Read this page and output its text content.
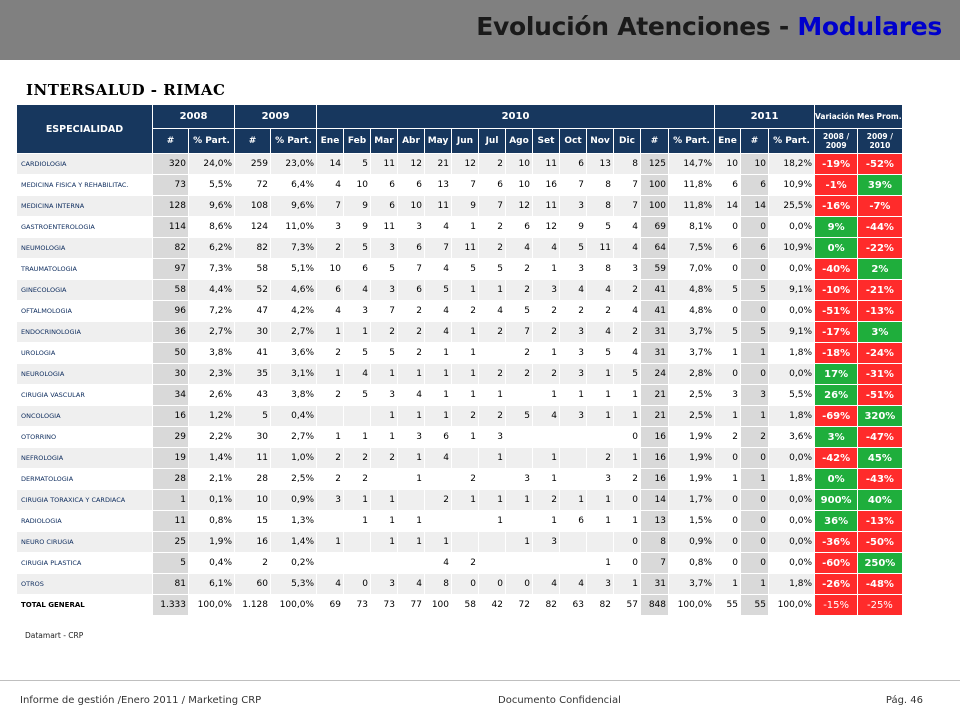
Evolución Atenciones - Modulares
INTERSALUD - RIMAC
ESPECIALIDAD	2008		2009		2010														2011			Variación Mes Prom.	
	#	% Part.	#	% Part.	Ene	Feb	Mar	Abr	May	Jun	Jul	Ago	Set	Oct	Nov	Dic	#	% Part.	Ene	#	% Part.	2008 / 2009	2009 / 2010
CARDIOLOGIA	320	24,0%	259	23,0%	14	5	11	12	21	12	2	10	11	6	13	8	125	14,7%	10	10	18,2%	-19%	-52%
MEDICINA FISICA Y REHABILITAC.	73	5,5%	72	6,4%	4	10	6	6	13	7	6	10	16	7	8	7	100	11,8%	6	6	10,9%	-1%	39%
MEDICINA INTERNA	128	9,6%	108	9,6%	7	9	6	10	11	9	7	12	11	3	8	7	100	11,8%	14	14	25,5%	-16%	-7%
GASTROENTEROLOGIA	114	8,6%	124	11,0%	3	9	11	3	4	1	2	6	12	9	5	4	69	8,1%	0	0	0,0%	9%	-44%
NEUMOLOGIA	82	6,2%	82	7,3%	2	5	3	6	7	11	2	4	4	5	11	4	64	7,5%	6	6	10,9%	0%	-22%
TRAUMATOLOGIA	97	7,3%	58	5,1%	10	6	5	7	4	5	5	2	1	3	8	3	59	7,0%	0	0	0,0%	-40%	2%
GINECOLOGIA	58	4,4%	52	4,6%	6	4	3	6	5	1	1	2	3	4	4	2	41	4,8%	5	5	9,1%	-10%	-21%
OFTALMOLOGIA	96	7,2%	47	4,2%	4	3	7	2	4	2	4	5	2	2	2	4	41	4,8%	0	0	0,0%	-51%	-13%
ENDOCRINOLOGIA	36	2,7%	30	2,7%	1	1	2	2	4	1	2	7	2	3	4	2	31	3,7%	5	5	9,1%	-17%	3%
UROLOGIA	50	3,8%	41	3,6%	2	5	5	2	1	1		2	1	3	5	4	31	3,7%	1	1	1,8%	-18%	-24%
NEUROLOGIA	30	2,3%	35	3,1%	1	4	1	1	1	1	2	2	2	3	1	5	24	2,8%	0	0	0,0%	17%	-31%
CIRUGIA VASCULAR	34	2,6%	43	3,8%	2	5	3	4	1	1	1		1	1	1	1	21	2,5%	3	3	5,5%	26%	-51%
ONCOLOGIA	16	1,2%	5	0,4%			1	1	1	2	2	5	4	3	1	1	21	2,5%	1	1	1,8%	-69%	320%
OTORRINO	29	2,2%	30	2,7%	1	1	1	3	6	1	3					0	16	1,9%	2	2	3,6%	3%	-47%
NEFROLOGIA	19	1,4%	11	1,0%	2	2	2	1	4		1		1		2	1	16	1,9%	0	0	0,0%	-42%	45%
DERMATOLOGIA	28	2,1%	28	2,5%	2	2		1		2		3	1		3	2	16	1,9%	1	1	1,8%	0%	-43%
CIRUGIA TORAXICA Y CARDIACA	1	0,1%	10	0,9%	3	1	1		2	1	1	1	2	1	1	0	14	1,7%	0	0	0,0%	900%	40%
RADIOLOGIA	11	0,8%	15	1,3%		1	1	1			1		1	6	1	1	13	1,5%	0	0	0,0%	36%	-13%
NEURO CIRUGIA	25	1,9%	16	1,4%	1		1	1	1			1	3			0	8	0,9%	0	0	0,0%	-36%	-50%
CIRUGIA PLASTICA	5	0,4%	2	0,2%					4	2					1	0	7	0,8%	0	0	0,0%	-60%	250%
OTROS	81	6,1%	60	5,3%	4	0	3	4	8	0	0	0	4	4	3	1	31	3,7%	1	1	1,8%	-26%	-48%
TOTAL GENERAL	1.333	100,0%	1.128	100,0%	69	73	73	77	100	58	42	72	82	63	82	57	848	100,0%	55	55	100,0%	-15%	-25%
Datamart - CRP
Informe de gestión /Enero 2011 / Marketing CRP	Documento Confidencial	Pág. 46
